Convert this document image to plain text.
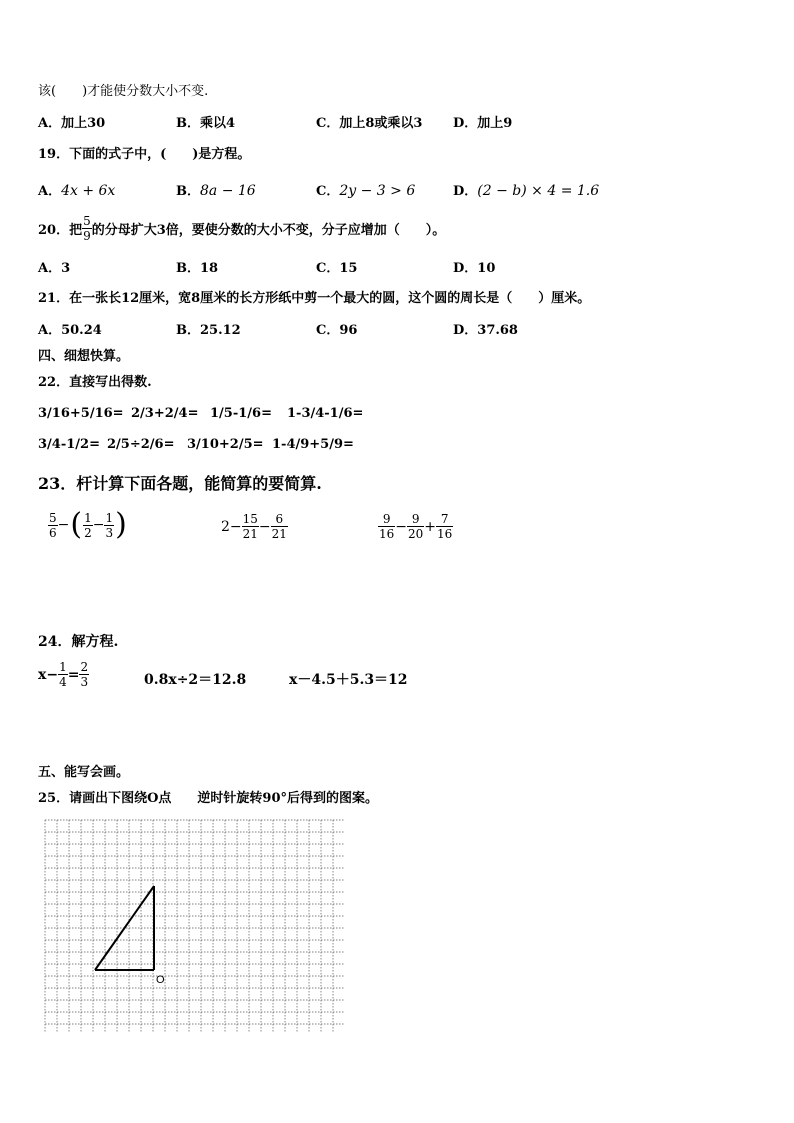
该(　　)才能使分数大小不变.
A．加上30	B．乘以4	C．加上8或乘以3 D．加上9
19．下面的式子中，(　　)是方程。
A．4x + 6x	B．8a − 16	C．2y − 3 > 6	D．(2 − b) × 4 = 1.6
20．把 $\frac{5}{9}$ 的分母扩大3倍，要使分数的大小不变，分子应增加（　　）。
A．3	B．18	C．15	D．10
21．在一张长12厘米，宽8厘米的长方形纸中剪一个最大的圆，这个圆的周长是（　　）厘米。
A．50.24	B．25.12	C．96	D．37.68
四、细想快算。
22．直接写出得数.
3/16+5/16= 2/3+2/4= 1/5-1/6= 1-3/4-1/6=
3/4-1/2= 2/5÷2/6= 3/10+2/5= 1-4/9+5/9=
23．杆计算下面各题，能简算的要简算.
$\frac{5}{6}$ − ( $\frac{1}{2} - \frac{1}{3}$ )	$2- \frac{15}{21} - \frac{6}{21}$	$\frac{9}{16} - \frac{9}{20} + \frac{7}{16}$
24．解方程.
$x- \frac{1}{4} = \frac{2}{3}$	0.8x÷2＝12.8	x－4.5＋5.3＝12
五、能写会画。
25．请画出下图绕O点　　逆时针旋转90°后得到的图案。
O
